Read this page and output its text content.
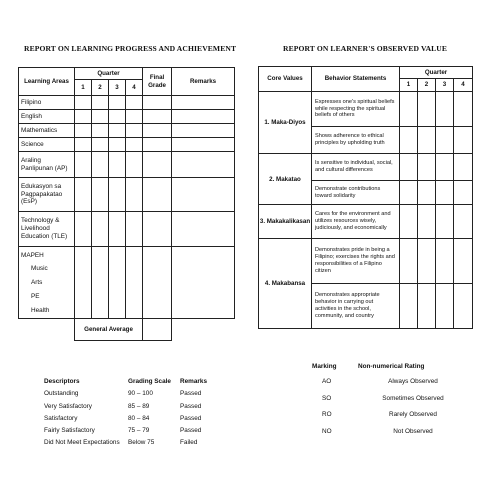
REPORT ON LEARNING PROGRESS AND ACHIEVEMENT	REPORT ON LEARNER'S OBSERVED VALUE
Learning Areas	Quarter				Final Grade	Remarks
	1	2	3	4		
Filipino						
English						
Mathematics						
Science						
Araling Panlipunan (AP)						
Edukasyon sa Pagpapakatao (EsP)						
Technology & Livelihood Education (TLE)						

MAPEH
Music
Arts
PE
Health						

	General Average					
Core Values	Behavior Statements	Quarter			
		1	2	3	4
1. Maka-Diyos	Expresses one's spiritual beliefs while respecting the spiritual beliefs of others				
	Shows adherence to ethical principles by upholding truth				
2. Makatao	Is sensitive to individual, social, and cultural differences				
	Demonstrate contributions toward solidarity				
3. Makakalikasan	Cares for the environment and utilizes resources wisely, judiciously, and economically				
4. Makabansa	Demonstrates pride in being a Filipino; exercises the rights and responsibilities of a Filipino citizen				
	Demonstrates appropriate behavior in carrying out activities in the school, community, and country				
Descriptors	Grading Scale	Remarks
Outstanding	90 – 100	Passed
Very Satisfactory	85 – 89	Passed
Satisfactory	80 – 84	Passed
Fairly Satisfactory	75 – 79	Passed
Did Not Meet Expectations	Below 75	Failed
Marking	Non-numerical Rating
AO	Always Observed
SO	Sometimes Observed
RO	Rarely Observed
NO	Not Observed
